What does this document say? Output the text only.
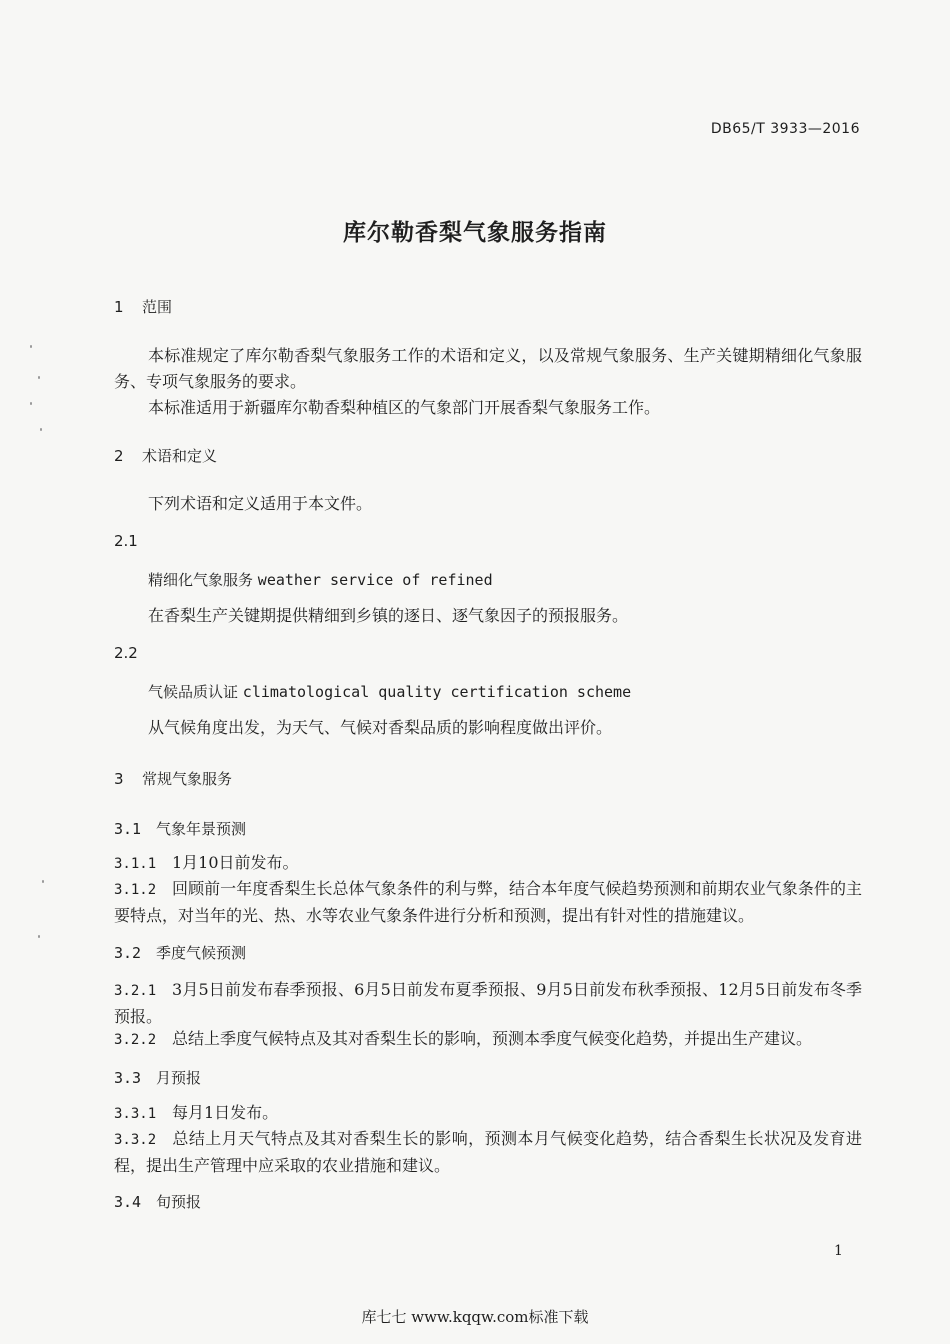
DB65/T 3933—2016
库尔勒香梨气象服务指南
1 范围
本标准规定了库尔勒香梨气象服务工作的术语和定义，以及常规气象服务、生产关键期精细化气象服务、专项气象服务的要求。
本标准适用于新疆库尔勒香梨种植区的气象部门开展香梨气象服务工作。
2 术语和定义
下列术语和定义适用于本文件。
2.1
精细化气象服务 weather service of refined
在香梨生产关键期提供精细到乡镇的逐日、逐气象因子的预报服务。
2.2
气候品质认证 climatological quality certification scheme
从气候角度出发，为天气、气候对香梨品质的影响程度做出评价。
3 常规气象服务
3.1 气象年景预测
3.1.1 1月10日前发布。
3.1.2 回顾前一年度香梨生长总体气象条件的利与弊，结合本年度气候趋势预测和前期农业气象条件的主要特点，对当年的光、热、水等农业气象条件进行分析和预测，提出有针对性的措施建议。
3.2 季度气候预测
3.2.1 3月5日前发布春季预报、6月5日前发布夏季预报、9月5日前发布秋季预报、12月5日前发布冬季预报。
3.2.2 总结上季度气候特点及其对香梨生长的影响，预测本季度气候变化趋势，并提出生产建议。
3.3 月预报
3.3.1 每月1日发布。
3.3.2 总结上月天气特点及其对香梨生长的影响，预测本月气候变化趋势，结合香梨生长状况及发育进程，提出生产管理中应采取的农业措施和建议。
3.4 旬预报
1
库七七 www.kqqw.com标准下载
